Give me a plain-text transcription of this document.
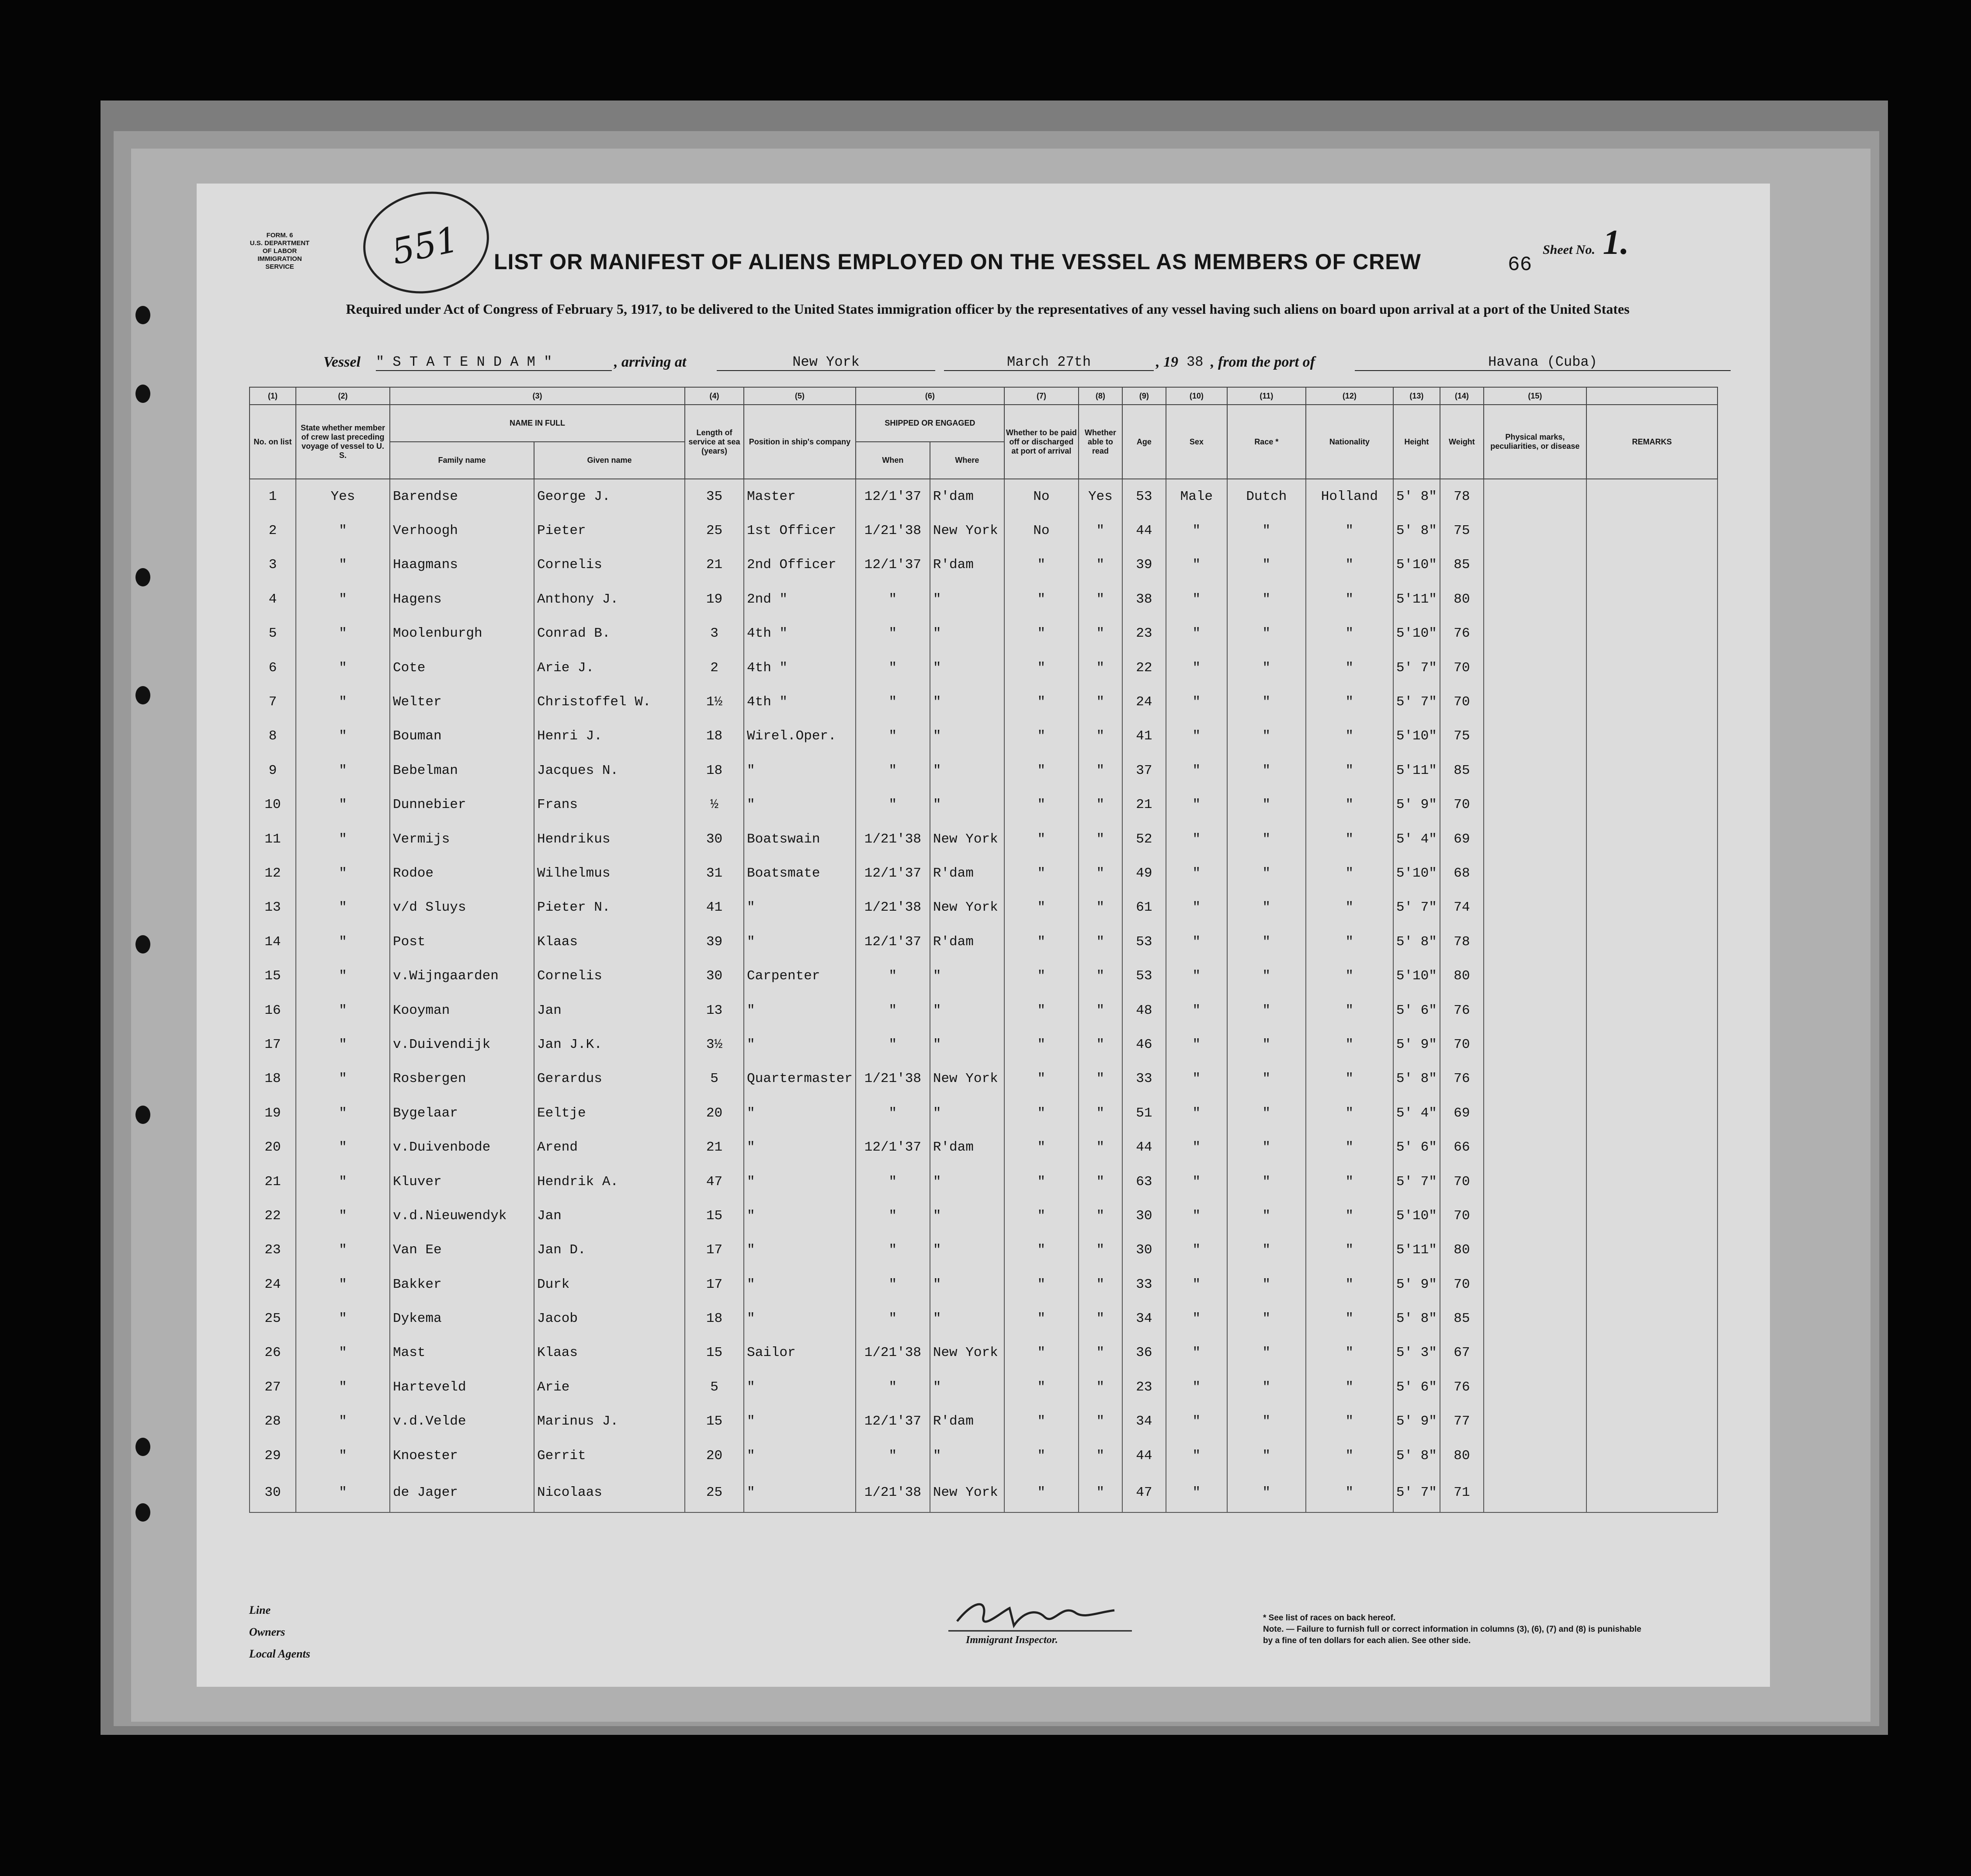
FORM. 6
U.S. DEPARTMENT OF LABOR
IMMIGRATION SERVICE	551 LIST OR MANIFEST OF ALIENS EMPLOYED ON THE VESSEL AS MEMBERS OF CREW	Sheet No. 1.
66
Required under Act of Congress of February 5, 1917, to be delivered to the United States immigration officer by the representatives of any vessel having such aliens on board upon arrival at a port of the United States
Vessel " S T A T E N D A M "	, arriving at	New York	March 27th	, 19 38 , from the port of	Havana (Cuba)
(1)	(2)	(3)		(4)	(5)	(6)		(7)	(8)	(9)	(10)	(11)	(12)	(13)	(14)	(15)	
No. on list	State whether member of crew last preceding voyage of vessel to U. S.	NAME IN FULL		Length of service at sea (years)	Position in ship's company	SHIPPED OR ENGAGED		Whether to be paid off or discharged at port of arrival	Whether able to read	Age	Sex	Race *	Nationality	Height	Weight	Physical marks, peculiarities, or disease	REMARKS
		Family name	Given name			When	Where										
1	Yes	Barendse	George J.	35	Master	12/1'37	R'dam	No	Yes	53	Male	Dutch	Holland	5' 8"	78		
2	"	Verhoogh	Pieter	25	1st Officer	1/21'38	New York	No	"	44	"	"	"	5' 8"	75		
3	"	Haagmans	Cornelis	21	2nd Officer	12/1'37	R'dam	"	"	39	"	"	"	5'10"	85		
4	"	Hagens	Anthony J.	19	2nd "	"	"	"	"	38	"	"	"	5'11"	80		
5	"	Moolenburgh	Conrad B.	3	4th "	"	"	"	"	23	"	"	"	5'10"	76		
6	"	Cote	Arie J.	2	4th "	"	"	"	"	22	"	"	"	5' 7"	70		
7	"	Welter	Christoffel W.	1½	4th "	"	"	"	"	24	"	"	"	5' 7"	70		
8	"	Bouman	Henri J.	18	Wirel.Oper.	"	"	"	"	41	"	"	"	5'10"	75		
9	"	Bebelman	Jacques N.	18	"	"	"	"	"	37	"	"	"	5'11"	85		
10	"	Dunnebier	Frans	½	"	"	"	"	"	21	"	"	"	5' 9"	70		
11	"	Vermijs	Hendrikus	30	Boatswain	1/21'38	New York	"	"	52	"	"	"	5' 4"	69		
12	"	Rodoe	Wilhelmus	31	Boatsmate	12/1'37	R'dam	"	"	49	"	"	"	5'10"	68		
13	"	v/d Sluys	Pieter N.	41	"	1/21'38	New York	"	"	61	"	"	"	5' 7"	74		
14	"	Post	Klaas	39	"	12/1'37	R'dam	"	"	53	"	"	"	5' 8"	78		
15	"	v.Wijngaarden	Cornelis	30	Carpenter	"	"	"	"	53	"	"	"	5'10"	80		
16	"	Kooyman	Jan	13	"	"	"	"	"	48	"	"	"	5' 6"	76		
17	"	v.Duivendijk	Jan J.K.	3½	"	"	"	"	"	46	"	"	"	5' 9"	70		
18	"	Rosbergen	Gerardus	5	Quartermaster	1/21'38	New York	"	"	33	"	"	"	5' 8"	76		
19	"	Bygelaar	Eeltje	20	"	"	"	"	"	51	"	"	"	5' 4"	69		
20	"	v.Duivenbode	Arend	21	"	12/1'37	R'dam	"	"	44	"	"	"	5' 6"	66		
21	"	Kluver	Hendrik A.	47	"	"	"	"	"	63	"	"	"	5' 7"	70		
22	"	v.d.Nieuwendyk	Jan	15	"	"	"	"	"	30	"	"	"	5'10"	70		
23	"	Van Ee	Jan D.	17	"	"	"	"	"	30	"	"	"	5'11"	80		
24	"	Bakker	Durk	17	"	"	"	"	"	33	"	"	"	5' 9"	70		
25	"	Dykema	Jacob	18	"	"	"	"	"	34	"	"	"	5' 8"	85		
26	"	Mast	Klaas	15	Sailor	1/21'38	New York	"	"	36	"	"	"	5' 3"	67		
27	"	Harteveld	Arie	5	"	"	"	"	"	23	"	"	"	5' 6"	76		
28	"	v.d.Velde	Marinus J.	15	"	12/1'37	R'dam	"	"	34	"	"	"	5' 9"	77		
29	"	Knoester	Gerrit	20	"	"	"	"	"	44	"	"	"	5' 8"	80		
30	"	de Jager	Nicolaas	25	"	1/21'38	New York	"	"	47	"	"	"	5' 7"	71		
Line
Owners
Local Agents
Immigrant Inspector.
* See list of races on back hereof.
Note. — Failure to furnish full or correct information in columns (3), (6), (7) and (8) is punishable by a fine of ten dollars for each alien. See other side.
